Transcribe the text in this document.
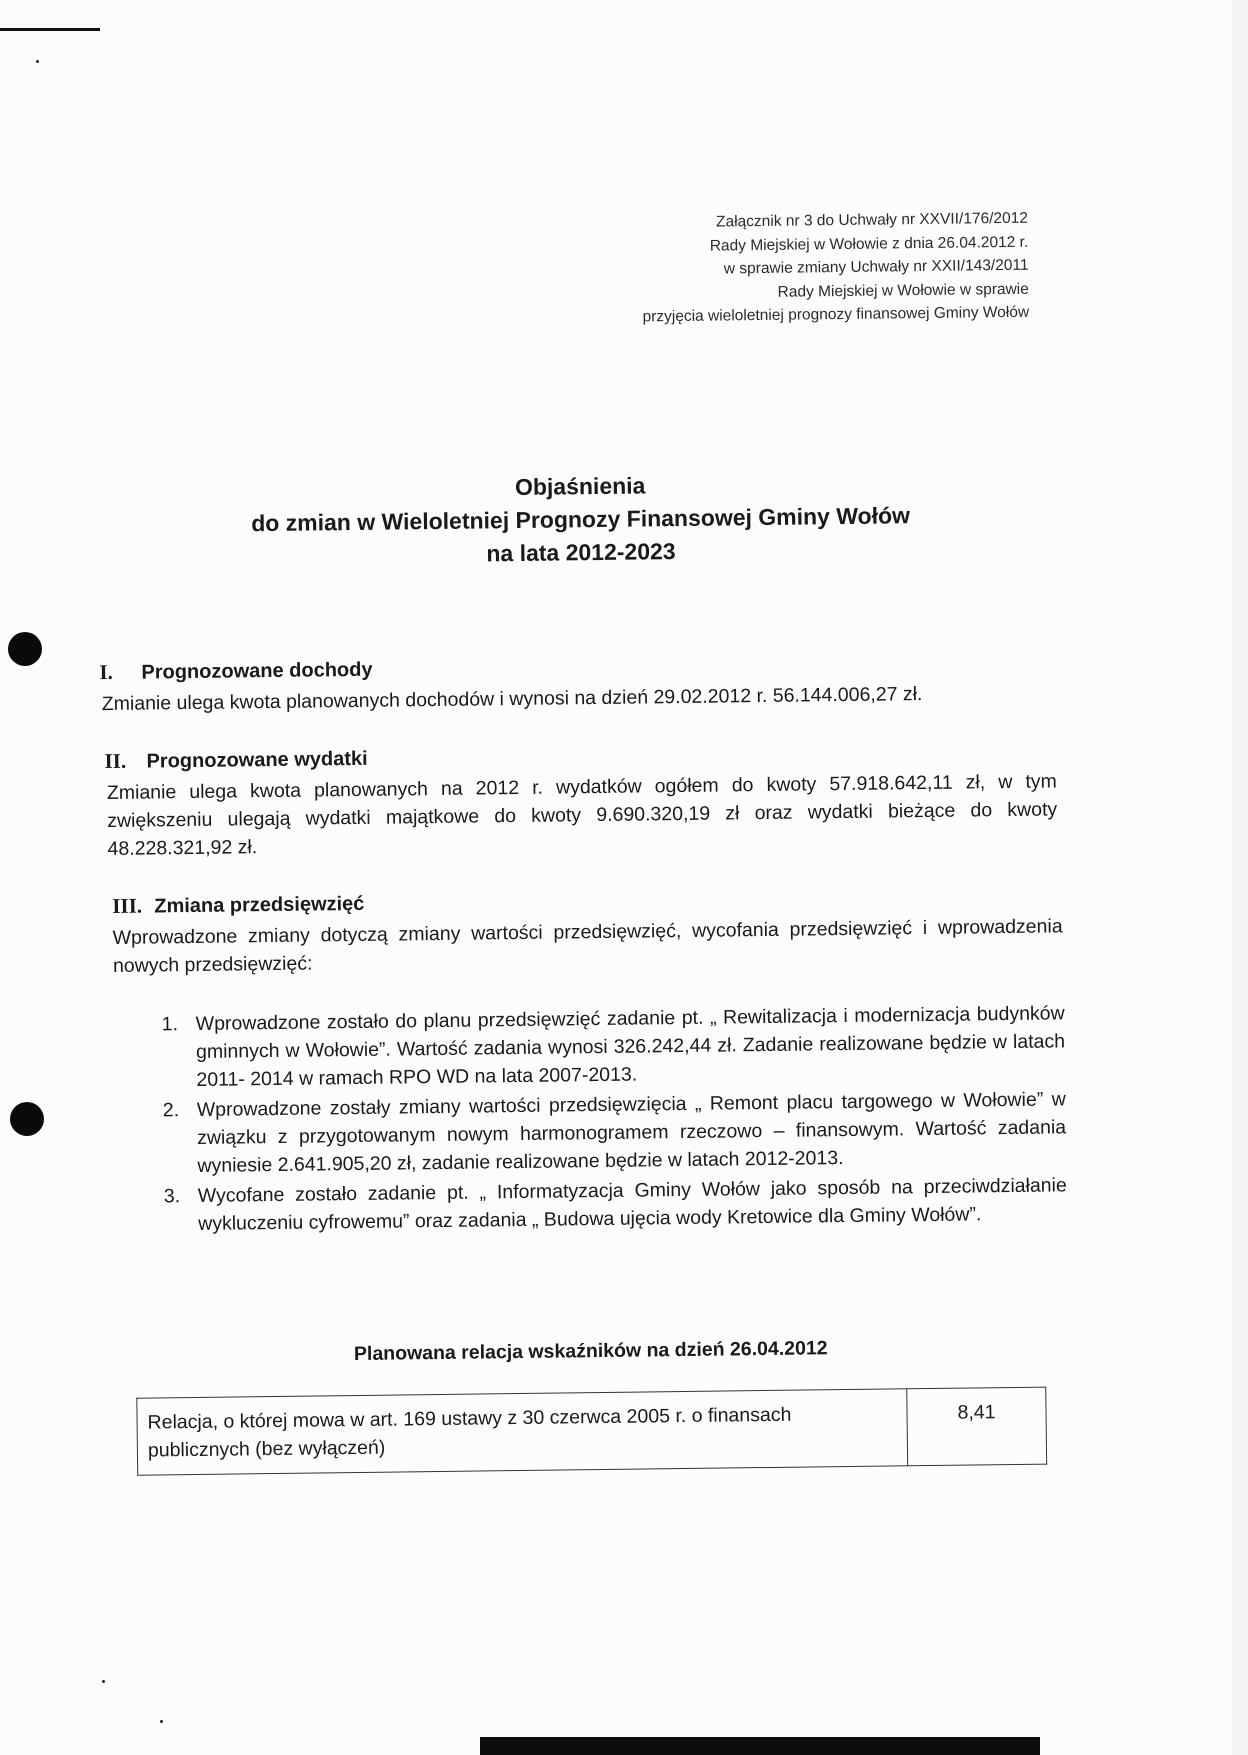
Załącznik nr 3 do Uchwały nr XXVII/176/2012
Rady Miejskiej w Wołowie z dnia 26.04.2012 r.
w sprawie zmiany Uchwały nr XXII/143/2011
Rady Miejskiej w Wołowie w sprawie
przyjęcia wieloletniej prognozy finansowej Gminy Wołów
Objaśnienia
do zmian w Wieloletniej Prognozy Finansowej Gminy Wołów
na lata 2012-2023
I. Prognozowane dochody
Zmianie ulega kwota planowanych dochodów i wynosi na dzień 29.02.2012 r. 56.144.006,27 zł.
II. Prognozowane wydatki
Zmianie ulega kwota planowanych na 2012 r. wydatków ogółem do kwoty 57.918.642,11 zł, w tym zwiększeniu ulegają wydatki majątkowe do kwoty 9.690.320,19 zł oraz wydatki bieżące do kwoty 48.228.321,92 zł.
III. Zmiana przedsięwzięć
Wprowadzone zmiany dotyczą zmiany wartości przedsięwzięć, wycofania przedsięwzięć i wprowadzenia nowych przedsięwzięć:
1. Wprowadzone zostało do planu przedsięwzięć zadanie pt. „ Rewitalizacja i modernizacja budynków gminnych w Wołowie”. Wartość zadania wynosi 326.242,44 zł. Zadanie realizowane będzie w latach 2011- 2014 w ramach RPO WD na lata 2007-2013.
2. Wprowadzone zostały zmiany wartości przedsięwzięcia „ Remont placu targowego w Wołowie” w związku z przygotowanym nowym harmonogramem rzeczowo – finansowym. Wartość zadania wyniesie 2.641.905,20 zł, zadanie realizowane będzie w latach 2012-2013.
3. Wycofane zostało zadanie pt. „ Informatyzacja Gminy Wołów jako sposób na przeciwdziałanie wykluczeniu cyfrowemu” oraz zadania „ Budowa ujęcia wody Kretowice dla Gminy Wołów”.
Planowana relacja wskaźników na dzień 26.04.2012
Relacja, o której mowa w art. 169 ustawy z 30 czerwca 2005 r. o finansach publicznych (bez wyłączeń)	8,41
